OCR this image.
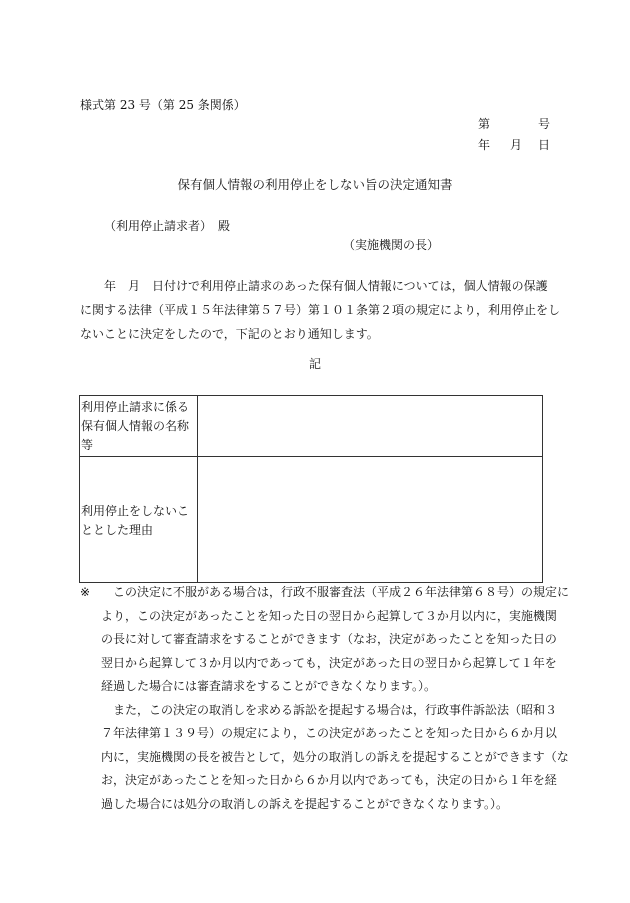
様式第 23 号（第 25 条関係）
第	号
年 月 日
保有個人情報の利用停止をしない旨の決定通知書
（利用停止請求者）　殿
（実施機関の長）
　　年　月　日付けで利用停止請求のあった保有個人情報については，個人情報の保護
に関する法律（平成１５年法律第５７号）第１０１条第２項の規定により，利用停止をし
ないことに決定をしたので，下記のとおり通知します。
記
利用停止請求に係る
保有個人情報の名称
等	

利用停止をしないこ
ととした理由	

※　この決定に不服がある場合は，行政不服審査法（平成２６年法律第６８号）の規定に
より，この決定があったことを知った日の翌日から起算して３か月以内に，実施機関
の長に対して審査請求をすることができます（なお，決定があったことを知った日の
翌日から起算して３か月以内であっても，決定があった日の翌日から起算して１年を
経過した場合には審査請求をすることができなくなります。）。
　また，この決定の取消しを求める訴訟を提起する場合は，行政事件訴訟法（昭和３
７年法律第１３９号）の規定により，この決定があったことを知った日から６か月以
内に，実施機関の長を被告として，処分の取消しの訴えを提起することができます（な
お，決定があったことを知った日から６か月以内であっても，決定の日から１年を経
過した場合には処分の取消しの訴えを提起することができなくなります。）。
